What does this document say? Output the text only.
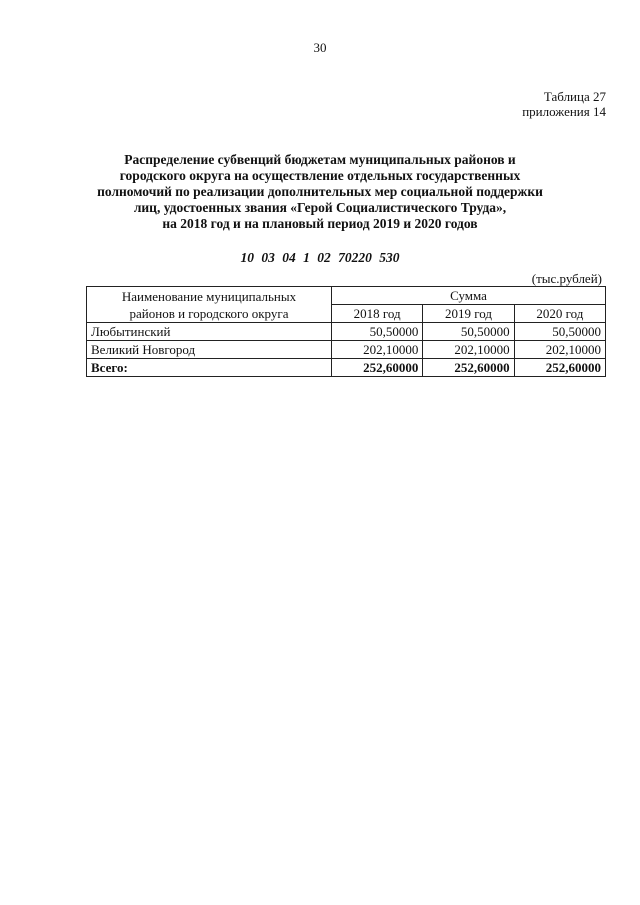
30
Таблица 27
приложения 14
Распределение субвенций бюджетам муниципальных районов и
городского округа на осуществление отдельных государственных
полномочий по реализации дополнительных мер социальной поддержки
лиц, удостоенных звания «Герой Социалистического Труда»,
на 2018 год и на плановый период 2019 и 2020 годов
10 03 04 1 02 70220 530
(тыс.рублей)
Наименование муниципальных
районов и городского округа	Сумма		
	2018 год	2019 год	2020 год
Любытинский	50,50000	50,50000	50,50000
Великий Новгород	202,10000	202,10000	202,10000
Всего:	252,60000	252,60000	252,60000
